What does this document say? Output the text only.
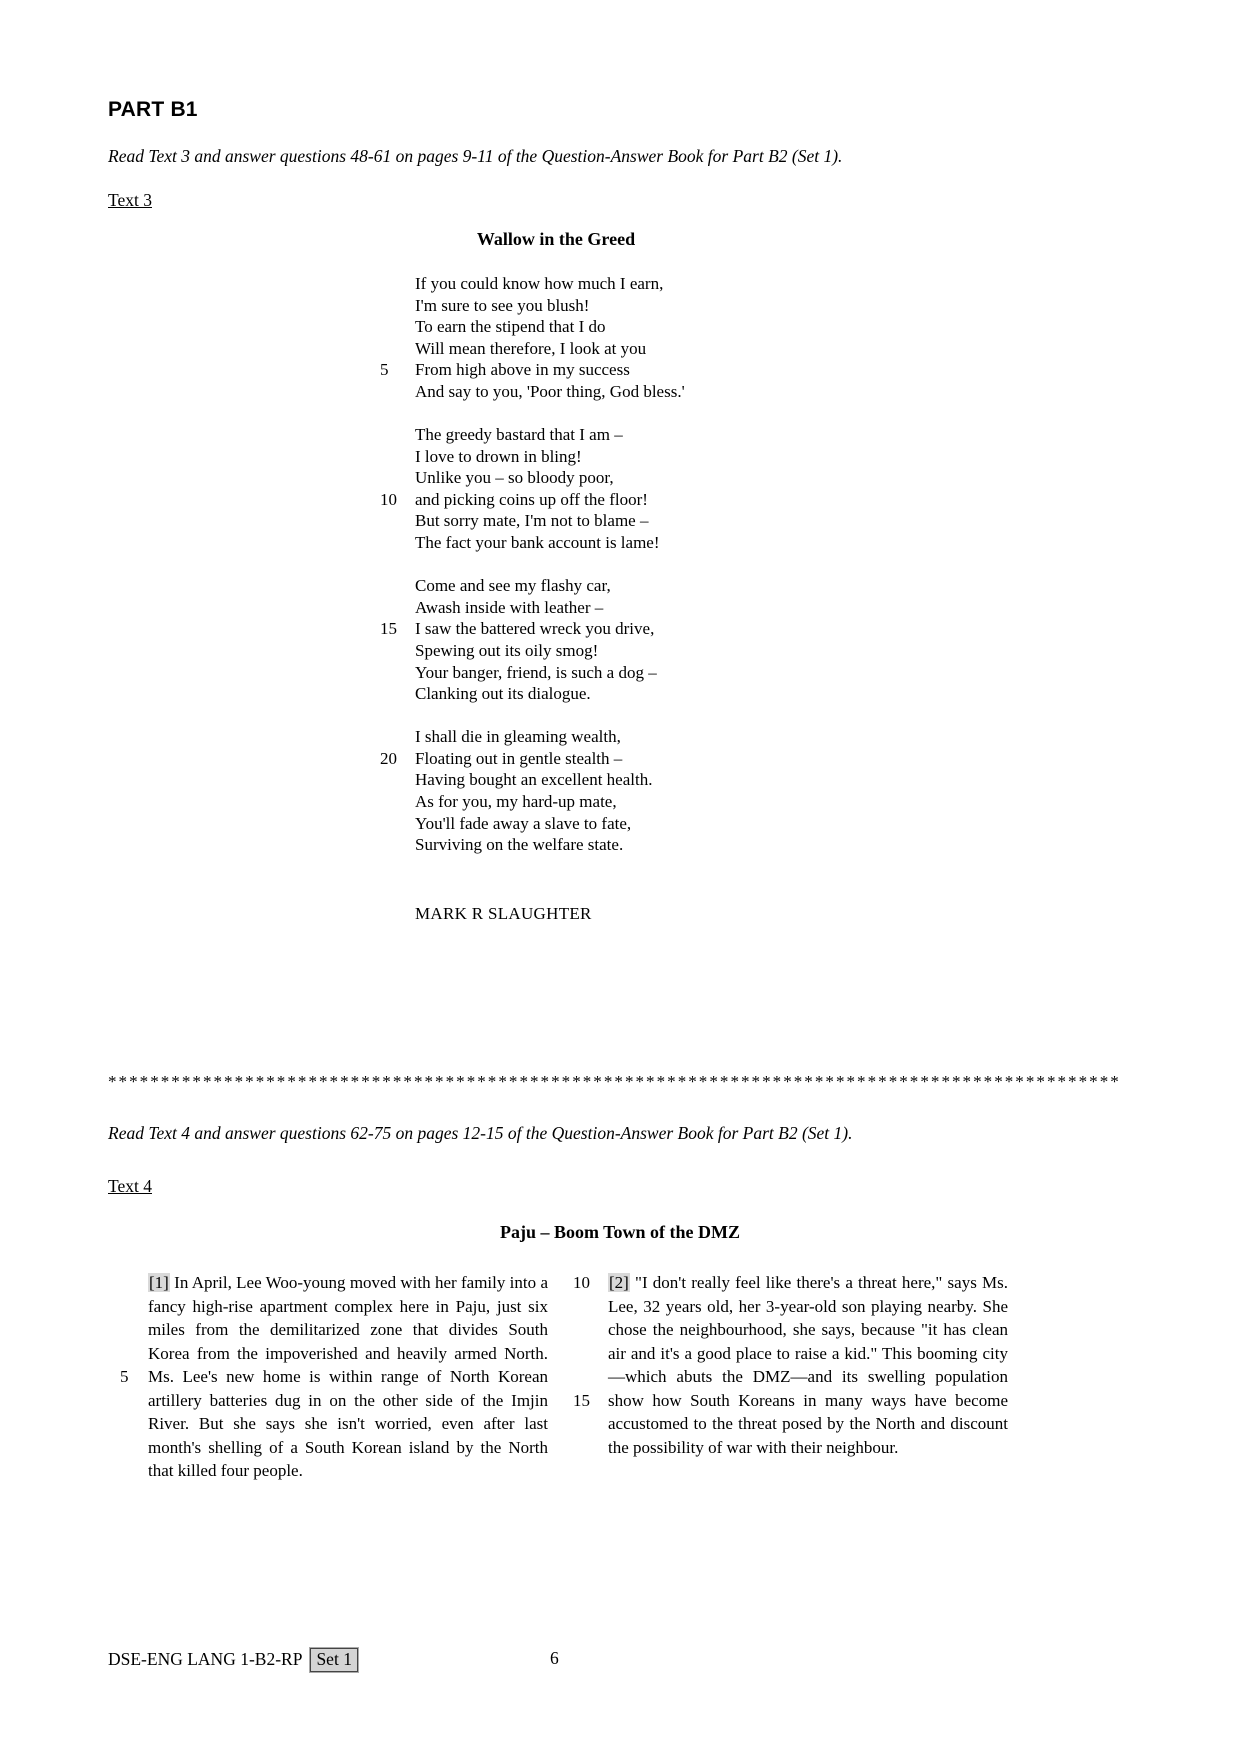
PART B1

Read Text 3 and answer questions 48-61 on pages 9-11 of the Question-Answer Book for Part B2 (Set 1).

Text 3

Wallow in the Greed
If you could know how much I earn,
I'm sure to see you blush!
To earn the stipend that I do
Will mean therefore, I look at you
5	From high above in my success
And say to you, 'Poor thing, God bless.'
The greedy bastard that I am –
I love to drown in bling!
Unlike you – so bloody poor,
10	and picking coins up off the floor!
But sorry mate, I'm not to blame –
The fact your bank account is lame!
Come and see my flashy car,
Awash inside with leather –
15	I saw the battered wreck you drive,
Spewing out its oily smog!
Your banger, friend, is such a dog –
Clanking out its dialogue.
I shall die in gleaming wealth,
20	Floating out in gentle stealth –
Having bought an excellent health.
As for you, my hard-up mate,
You'll fade away a slave to fate,
Surviving on the welfare state.
MARK R SLAUGHTER
************************************************************************************************

Read Text 4 and answer questions 62-75 on pages 12-15 of the Question-Answer Book for Part B2 (Set 1).

Text 4

Paju – Boom Town of the DMZ
5

[1] In April, Lee Woo-young moved with her family into a fancy high-rise apartment complex here in Paju, just six miles from the demilitarized zone that divides South Korea from the impoverished and heavily armed North. Ms. Lee's new home is within range of North Korean artillery batteries dug in on the other side of the Imjin River. But she says she isn't worried, even after last month's shelling of a South Korean island by the North that killed four people.

10
15

[2] "I don't really feel like there's a threat here," says Ms. Lee, 32 years old, her 3-year-old son playing nearby. She chose the neighbourhood, she says, because "it has clean air and it's a good place to raise a kid." This booming city—which abuts the DMZ—and its swelling population show how South Koreans in many ways have become accustomed to the threat posed by the North and discount the possibility of war with their neighbour.

DSE-ENG LANG 1-B2-RP Set 1	6
